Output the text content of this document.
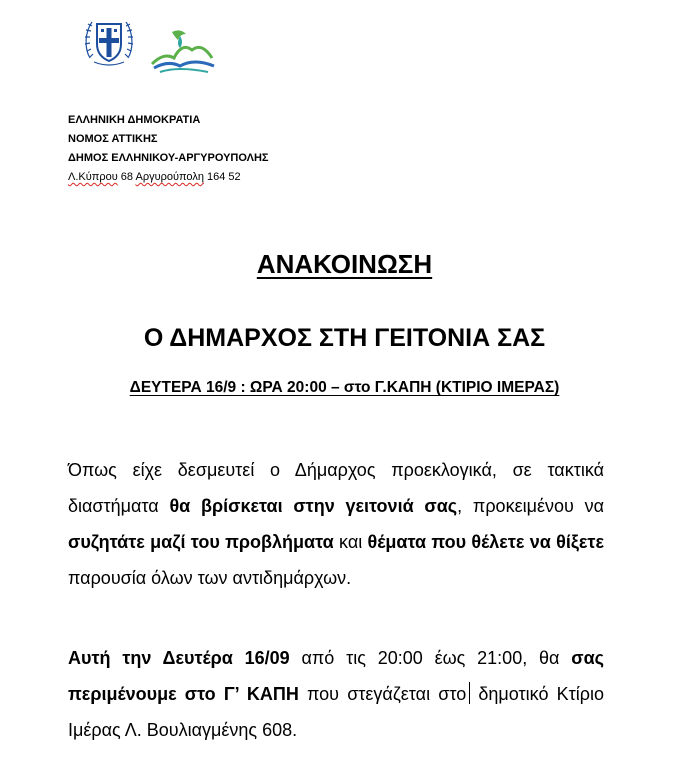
ΕΛΛΗΝΙΚΗ ΔΗΜΟΚΡΑΤΙΑ
ΝΟΜΟΣ ΑΤΤΙΚΗΣ
ΔΗΜΟΣ ΕΛΛΗΝΙΚΟΥ-ΑΡΓΥΡΟΥΠΟΛΗΣ
Λ.Κύπρου 68 Αργυρούπολη 164 52
ΑΝΑΚΟΙΝΩΣΗ
Ο ΔΗΜΑΡΧΟΣ ΣΤΗ ΓΕΙΤΟΝΙΑ ΣΑΣ
ΔΕΥΤΕΡΑ 16/9 : ΩΡΑ 20:00 – στο Γ.ΚΑΠΗ (ΚΤΙΡΙΟ ΙΜΕΡΑΣ)
Όπως είχε δεσμευτεί ο Δήμαρχος προεκλογικά, σε τακτικά διαστήματα θα βρίσκεται στην γειτονιά σας, προκειμένου να συζητάτε μαζί του προβλήματα και θέματα που θέλετε να θίξετε παρουσία όλων των αντιδημάρχων.
Αυτή την Δευτέρα 16/09 από τις 20:00 έως 21:00, θα σας περιμένουμε στο Γ’ ΚΑΠΗ που στεγάζεται στο δημοτικό Κτίριο Ιμέρας Λ. Βουλιαγμένης 608.
